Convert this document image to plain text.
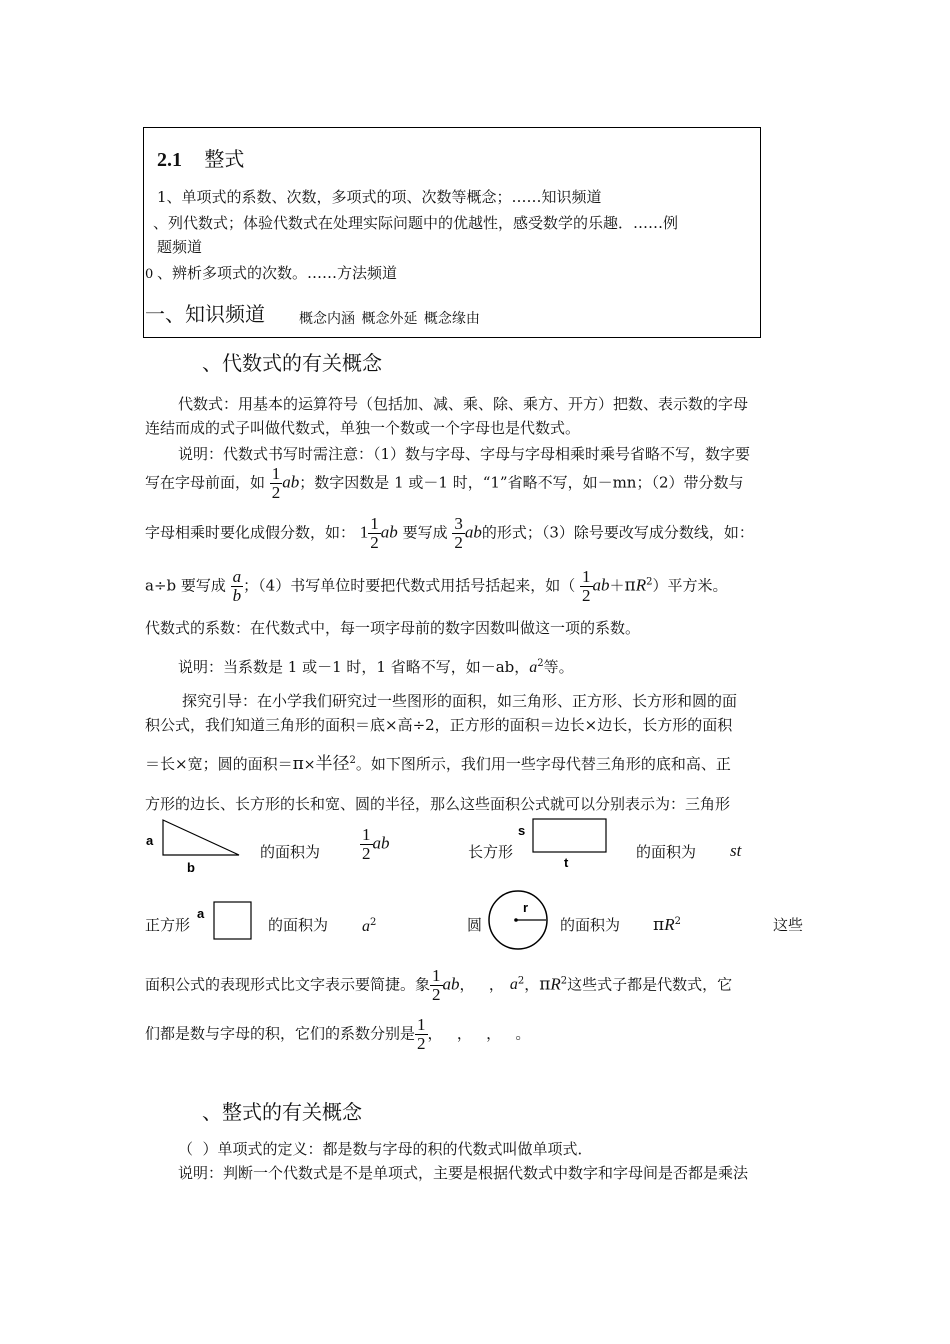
2.1 整式
1、单项式的系数、次数，多项式的项、次数等概念；……知识频道
、列代数式；体验代数式在处理实际问题中的优越性，感受数学的乐趣．……例
题频道
0 、辨析多项式的次数。……方法频道
一、知识频道 概念内涵 概念外延 概念缘由
、代数式的有关概念
代数式：用基本的运算符号（包括加、减、乘、除、乘方、开方）把数、表示数的字母
连结而成的式子叫做代数式，单独一个数或一个字母也是代数式。
说明：代数式书写时需注意：（1）数与字母、字母与字母相乘时乘号省略不写，数字要
写在字母前面，如 $\frac{1}{2}$ ab；数字因数是 1 或－1 时，“1”省略不写，如－mn；（2）带分数与
字母相乘时要化成假分数，如： $1 \frac{1}{2}$ ab 要写成 $\frac{3}{2}$ ab的形式；（3）除号要改写成分数线，如：
a÷b 要写成 $\frac{a}{b}$ ；（4）书写单位时要把代数式用括号括起来，如（ $\frac{1}{2} ab+\pi R^2$）平方米。
代数式的系数：在代数式中，每一项字母前的数字因数叫做这一项的系数。
说明：当系数是 1 或－1 时，1 省略不写，如－ab，$a^2$等。
探究引导：在小学我们研究过一些图形的面积，如三角形、正方形、长方形和圆的面
积公式，我们知道三角形的面积＝底×高÷2，正方形的面积＝边长×边长，长方形的面积
＝长×宽；圆的面积＝π×半径$^2$。如下图所示，我们用一些字母代替三角形的底和高、正
方形的边长、长方形的长和宽、圆的半径，那么这些面积公式就可以分别表示为：三角形
a
b
的面积为 $\frac{1}{2}$ ab	长方形
s
t
的面积为 st
正方形
a
的面积为 $a^2$	圆
r
的面积为 $\pi R^2$	这些
面积公式的表现形式比文字表示要简捷。象 $\frac{1}{2}$ ab，   ， $a^2$，$\pi R^2$这些式子都是代数式，它
们都是数与字母的积，它们的系数分别是 $\frac{1}{2}$ ，   ，   ，   。
、整式的有关概念
（  ）单项式的定义：都是数与字母的积的代数式叫做单项式．
说明：判断一个代数式是不是单项式，主要是根据代数式中数字和字母间是否都是乘法
